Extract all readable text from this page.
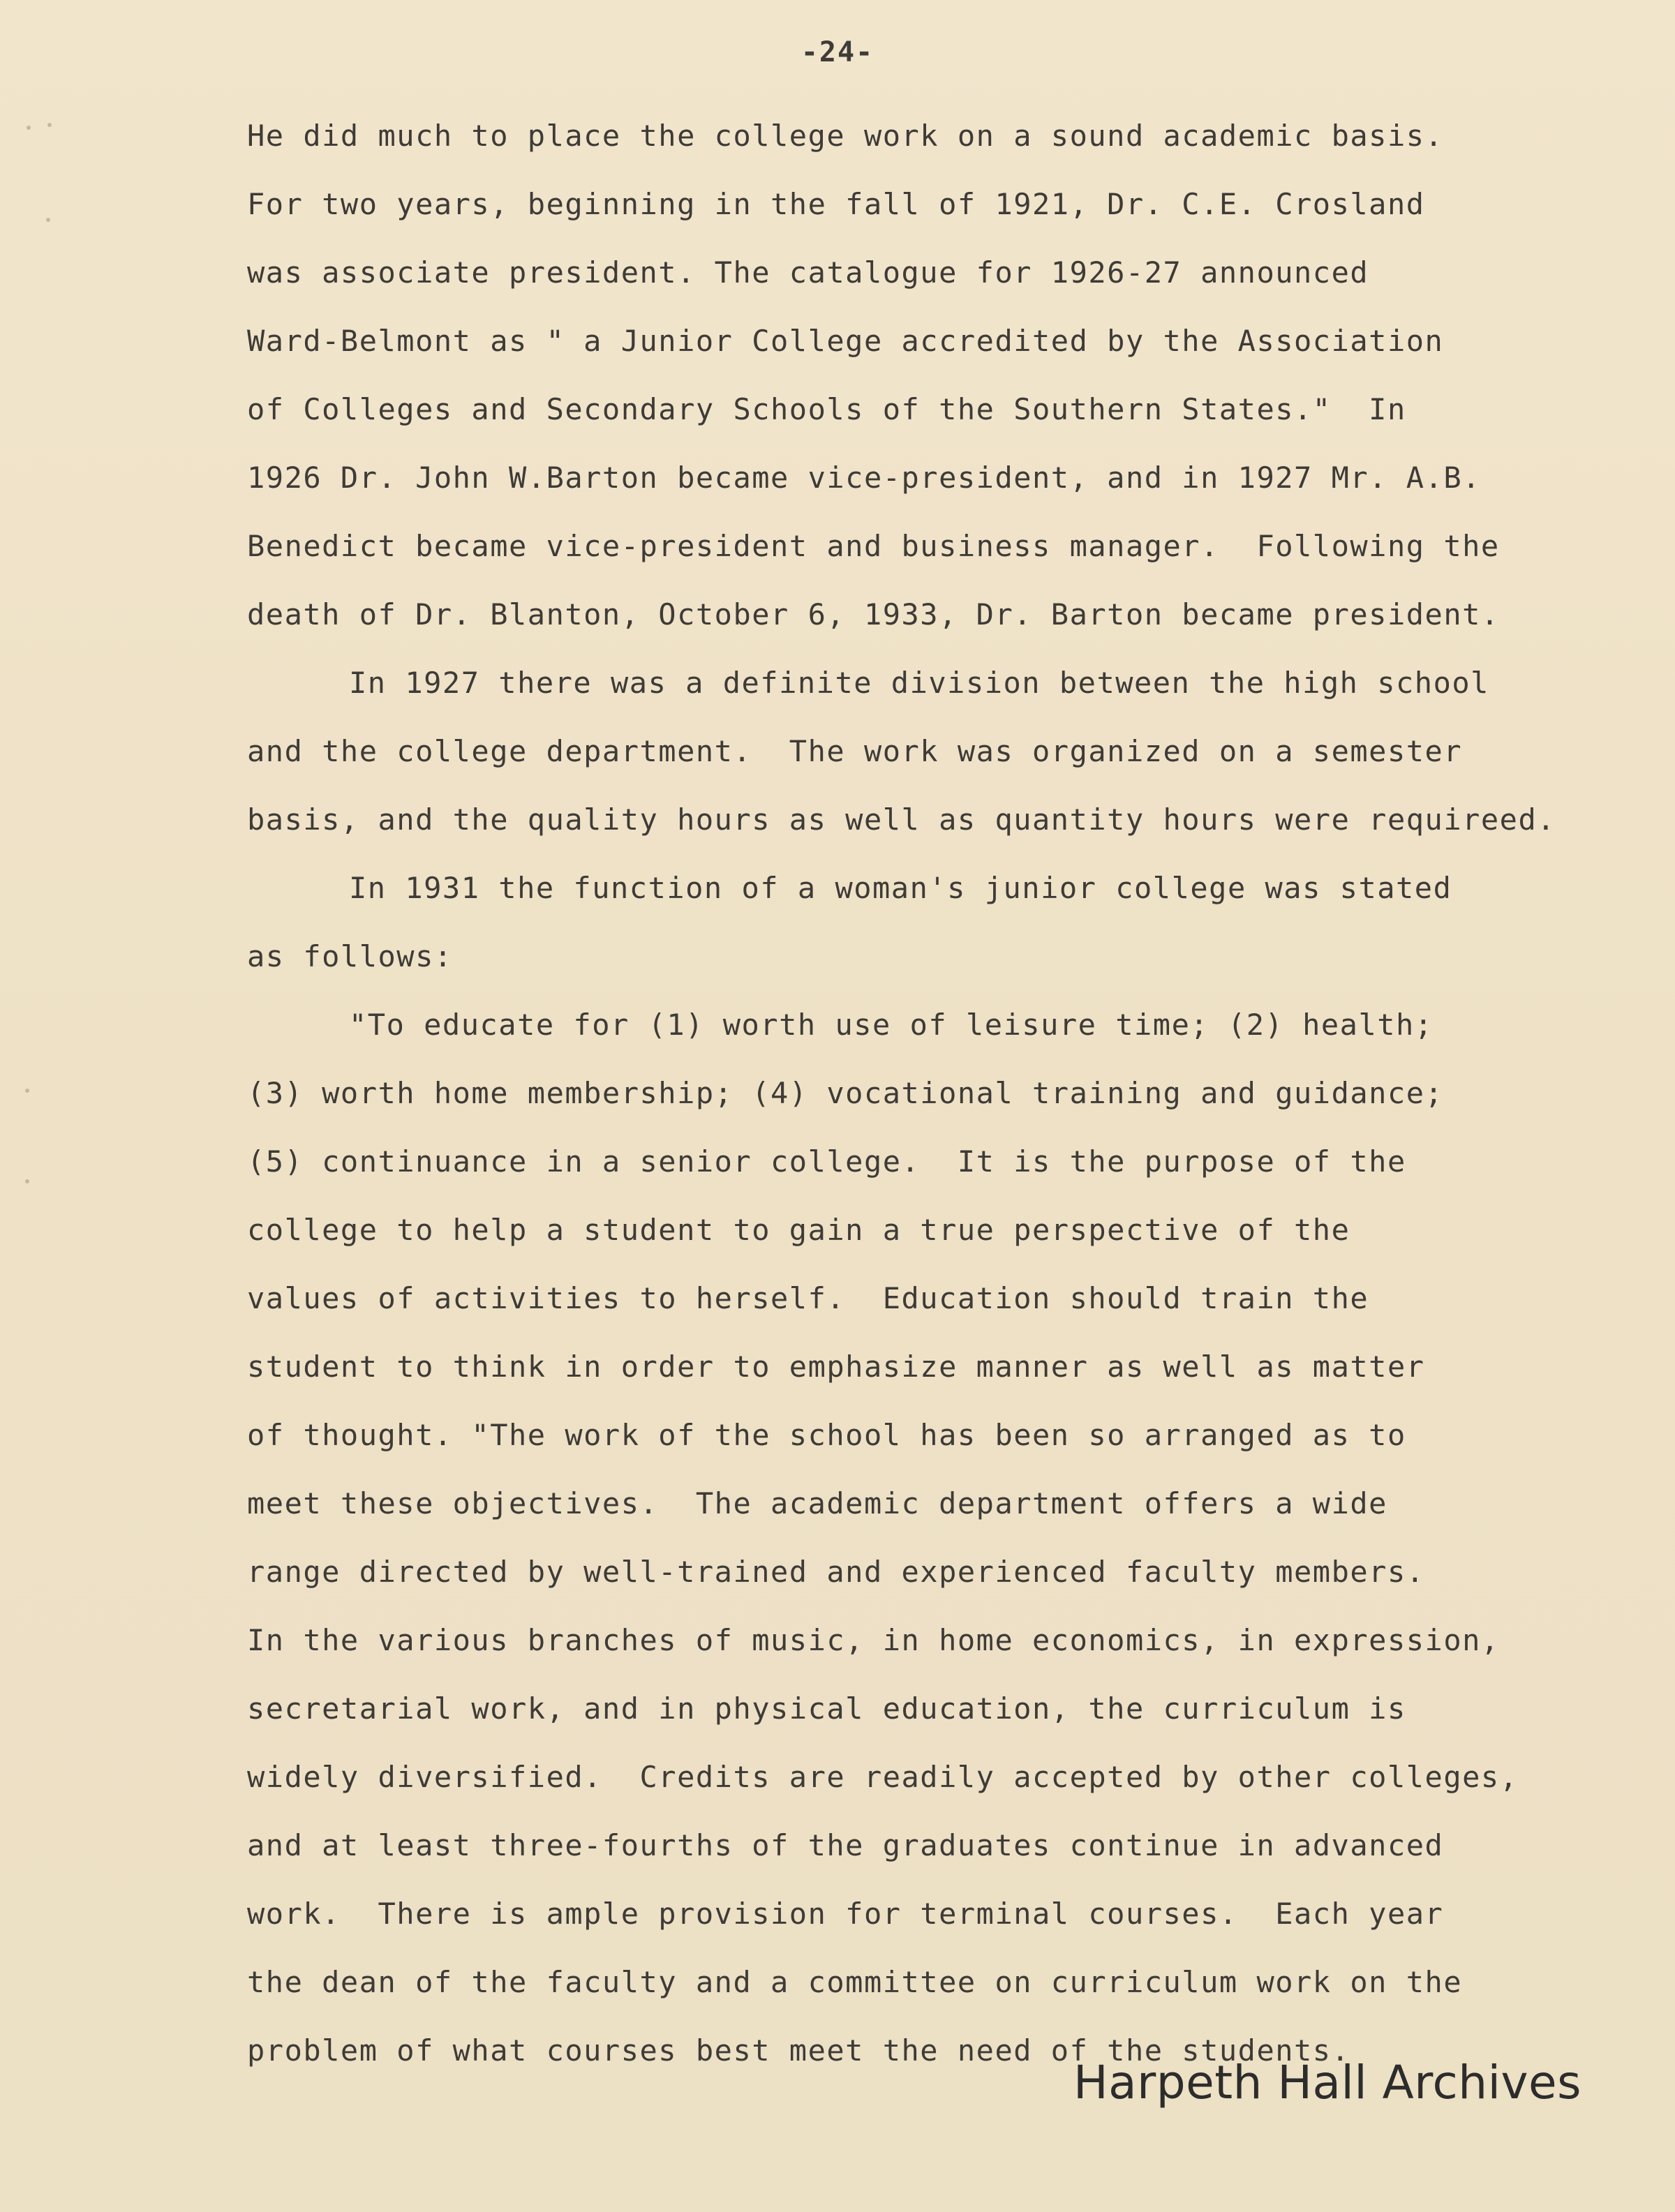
-24-
He did much to place the college work on a sound academic basis.
For two years, beginning in the fall of 1921, Dr. C.E. Crosland
was associate president. The catalogue for 1926-27 announced
Ward-Belmont as " a Junior College accredited by the Association
of Colleges and Secondary Schools of the Southern States."  In
1926 Dr. John W.Barton became vice-president, and in 1927 Mr. A.B.
Benedict became vice-president and business manager.  Following the
death of Dr. Blanton, October 6, 1933, Dr. Barton became president.
In 1927 there was a definite division between the high school
and the college department.  The work was organized on a semester
basis, and the quality hours as well as quantity hours were requireed.
In 1931 the function of a woman's junior college was stated
as follows:
"To educate for (1) worth use of leisure time; (2) health;
(3) worth home membership; (4) vocational training and guidance;
(5) continuance in a senior college.  It is the purpose of the
college to help a student to gain a true perspective of the
values of activities to herself.  Education should train the
student to think in order to emphasize manner as well as matter
of thought. "The work of the school has been so arranged as to
meet these objectives.  The academic department offers a wide
range directed by well-trained and experienced faculty members.
In the various branches of music, in home economics, in expression,
secretarial work, and in physical education, the curriculum is
widely diversified.  Credits are readily accepted by other colleges,
and at least three-fourths of the graduates continue in advanced
work.  There is ample provision for terminal courses.  Each year
the dean of the faculty and a committee on curriculum work on the
problem of what courses best meet the need of the students.
Harpeth Hall Archives
